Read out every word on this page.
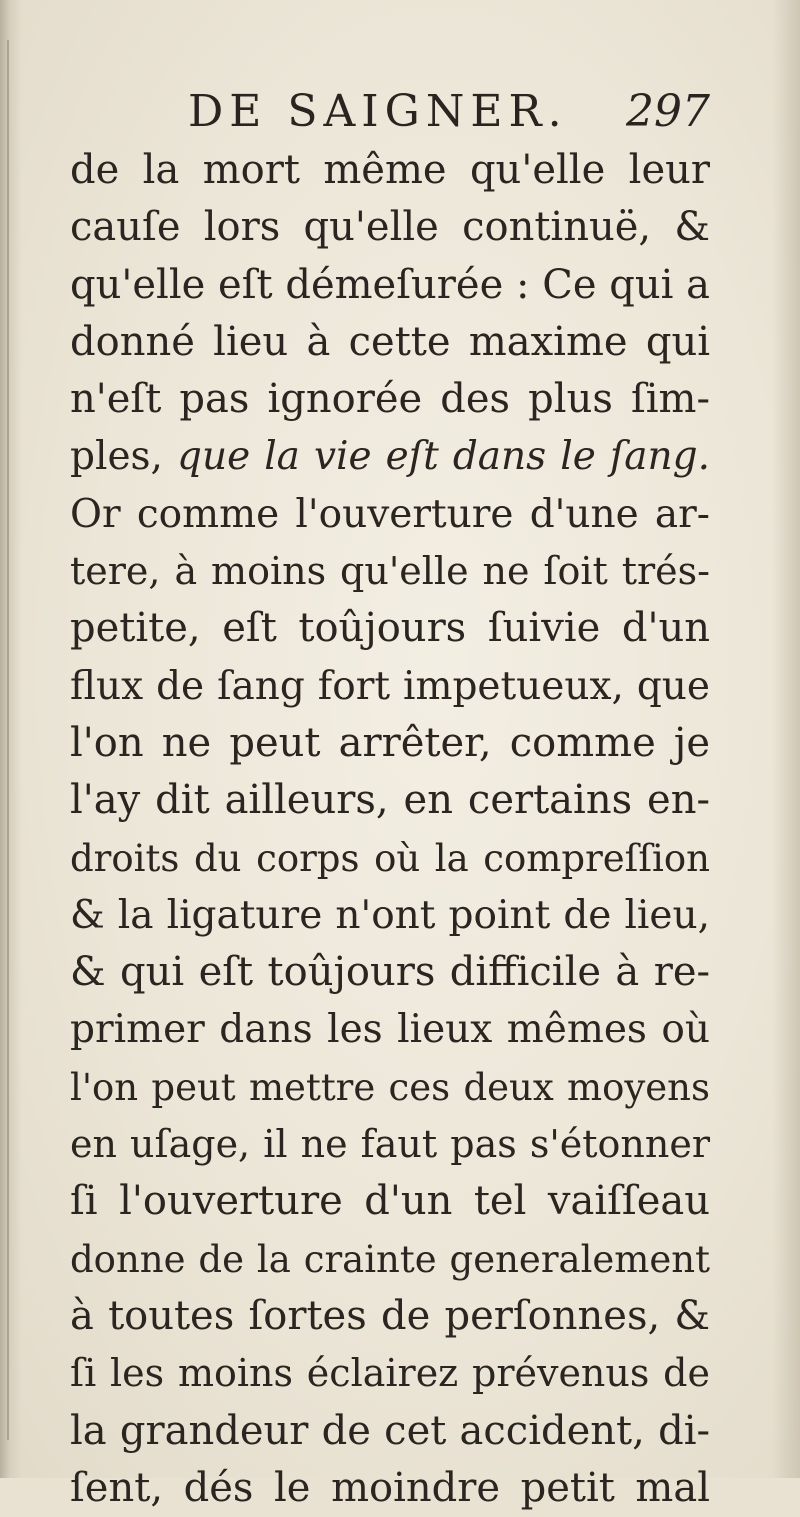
DE SAIGNER. 297
de la mort même qu'elle leur
cauſe lors qu'elle continuë, &
qu'elle eſt démeſurée : Ce qui a
donné lieu à cette maxime qui
n'eſt pas ignorée des plus ſim-
ples, que la vie eſt dans le ſang.
Or comme l'ouverture d'une ar-
tere, à moins qu'elle ne ſoit trés-
petite, eſt toûjours ſuivie d'un
flux de ſang fort impetueux, que
l'on ne peut arrêter, comme je
l'ay dit ailleurs, en certains en-
droits du corps où la compreſſion
& la ligature n'ont point de lieu,
& qui eſt toûjours difficile à re-
primer dans les lieux mêmes où
l'on peut mettre ces deux moyens
en uſage, il ne faut pas s'étonner
ſi l'ouverture d'un tel vaiſſeau
donne de la crainte generalement
à toutes ſortes de perſonnes, &
ſi les moins éclairez prévenus de
la grandeur de cet accident, di-
ſent, dés le moindre petit mal
